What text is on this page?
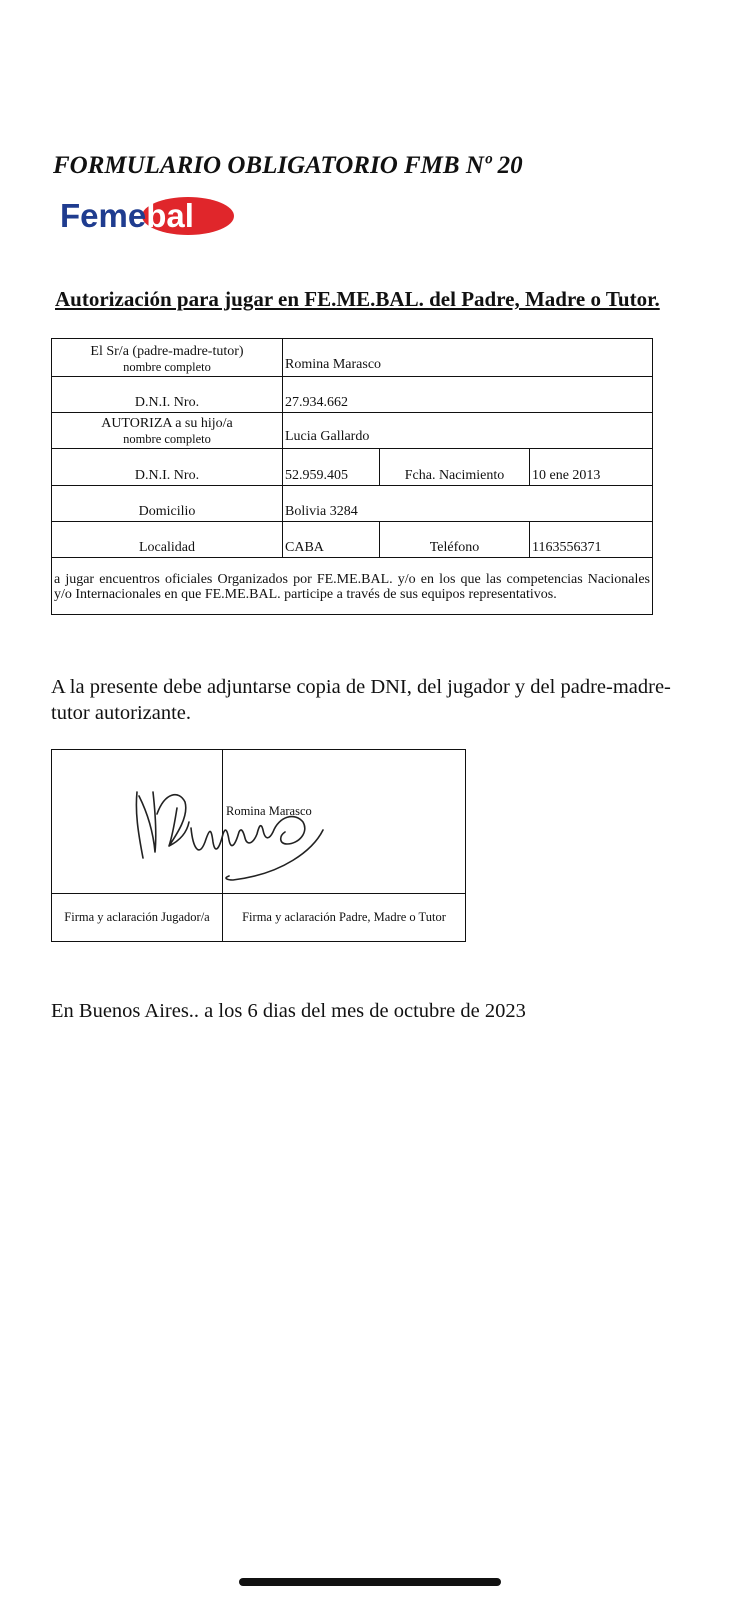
FORMULARIO OBLIGATORIO FMB Nº 20
Femebal
Autorización para jugar en FE.ME.BAL. del Padre, Madre o Tutor.
El Sr/a (padre-madre-tutor)
nombre completo	Romina Marasco		
D.N.I. Nro.	27.934.662		

AUTORIZA a su hijo/a
nombre completo	Lucia Gallardo		
D.N.I. Nro.	52.959.405	Fcha. Nacimiento	10 ene 2013
Domicilio	Bolivia 3284		
Localidad	CABA	Teléfono	1163556371
a jugar encuentros oficiales Organizados por FE.ME.BAL. y/o en los que las competencias Nacionales y/o Internacionales en que FE.ME.BAL. participe a través de sus equipos representativos.			

A la presente debe adjuntarse copia de DNI, del jugador y del padre-madre-tutor autorizante.

	Romina Marasco

Firma y aclaración Jugador/a	Firma y aclaración Padre, Madre o Tutor

En Buenos Aires.. a los 6 dias del mes de octubre de 2023
